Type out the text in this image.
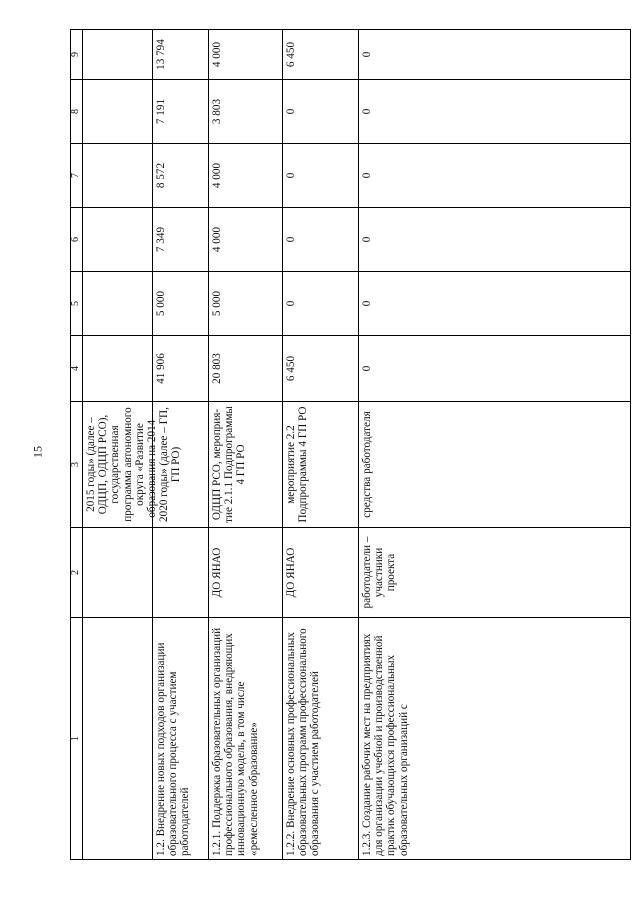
15
1
2
3
4
5
6
7
8
9
2015 годы» (далее – ОДЦП, ОДЦП РСО), государственная программа автономного округа «Развитие образования на 2014 – 2020 годы» (далее – ГП, ГП РО)
1.2. Внедрение новых подходов организации образовательного процесса с участием работодателей
41 906
5 000
7 349
8 572
7 191
13 794
1.2.1. Поддержка образовательных организаций профессионального образования, внедряющих инновационную модель, в том числе «ремесленное образование»
ДО ЯНАО
ОДЦП РСО, мероприя-тие 2.1.1 Подпрограммы 4 ГП РО
20 803
5 000
4 000
4 000
3 803
4 000
1.2.2. Внедрение основных профессиональных образовательных программ профессионального образования с участием работодателей
ДО ЯНАО
мероприятие 2.2 Подпрограммы 4 ГП РО
6 450
0
0
0
0
6 450
1.2.3. Создание рабочих мест на предприятиях для организации учебной и производственной практик обучающихся профессиональных образовательных организаций с
работодатели – участники проекта
средства работодателя
0
0
0
0
0
0
